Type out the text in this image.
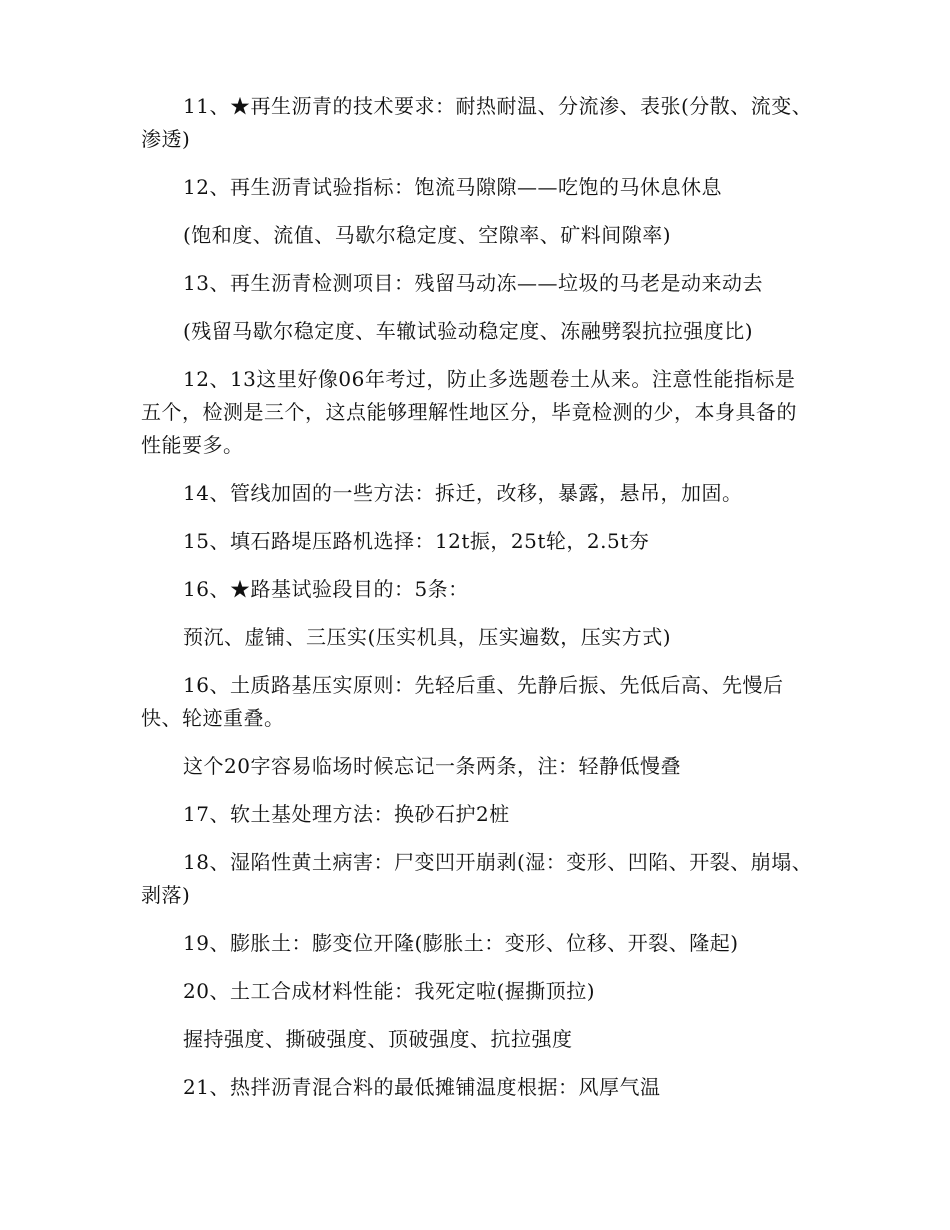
11、★再生沥青的技术要求：耐热耐温、分流渗、表张(分散、流变、渗透)

12、再生沥青试验指标：饱流马隙隙——吃饱的马休息休息

(饱和度、流值、马歇尔稳定度、空隙率、矿料间隙率)

13、再生沥青检测项目：残留马动冻——垃圾的马老是动来动去

(残留马歇尔稳定度、车辙试验动稳定度、冻融劈裂抗拉强度比)

12、13这里好像06年考过，防止多选题卷土从来。注意性能指标是五个，检测是三个，这点能够理解性地区分，毕竟检测的少，本身具备的性能要多。

14、管线加固的一些方法：拆迁，改移，暴露，悬吊，加固。

15、填石路堤压路机选择：12t振，25t轮，2.5t夯

16、★路基试验段目的：5条：

预沉、虚铺、三压实(压实机具，压实遍数，压实方式)

16、土质路基压实原则：先轻后重、先静后振、先低后高、先慢后快、轮迹重叠。

这个20字容易临场时候忘记一条两条，注：轻静低慢叠

17、软土基处理方法：换砂石护2桩

18、湿陷性黄土病害：尸变凹开崩剥(湿：变形、凹陷、开裂、崩塌、剥落)

19、膨胀土：膨变位开隆(膨胀土：变形、位移、开裂、隆起)

20、土工合成材料性能：我死定啦(握撕顶拉)

握持强度、撕破强度、顶破强度、抗拉强度

21、热拌沥青混合料的最低摊铺温度根据：风厚气温
